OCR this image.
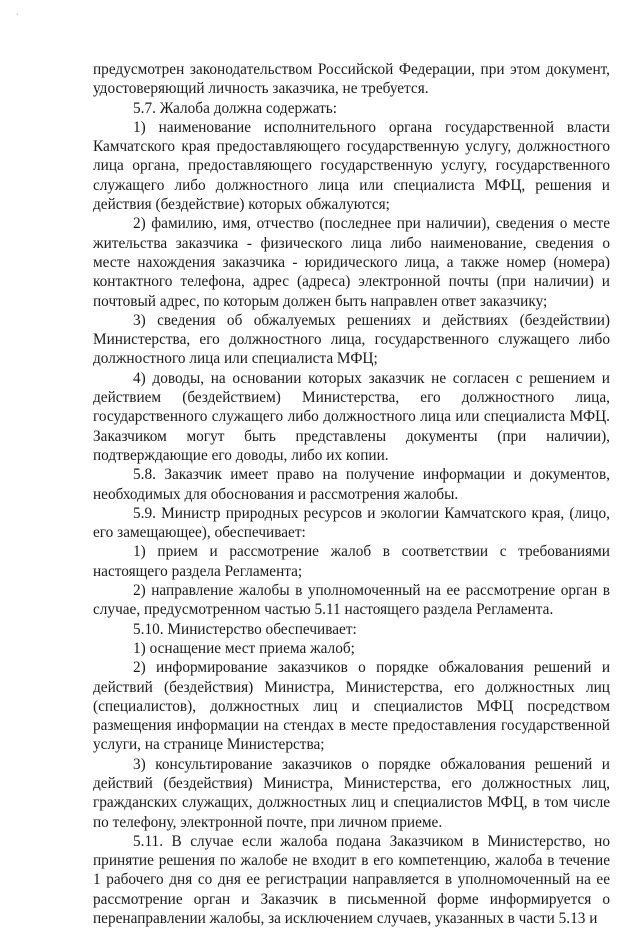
ʼ

предусмотрен законодательством Российской Федерации, при этом документ, удостоверяющий личность заказчика, не требуется.

5.7. Жалоба должна содержать:

1) наименование исполнительного органа государственной власти Камчатского края предоставляющего государственную услугу, должностного лица органа, предоставляющего государственную услугу, государственного служащего либо должностного лица или специалиста МФЦ, решения и действия (бездействие) которых обжалуются;

2) фамилию, имя, отчество (последнее при наличии), сведения о месте жительства заказчика - физического лица либо наименование, сведения о месте нахождения заказчика - юридического лица, а также номер (номера) контактного телефона, адрес (адреса) электронной почты (при наличии) и почтовый адрес, по которым должен быть направлен ответ заказчику;

3) сведения об обжалуемых решениях и действиях (бездействии) Министерства, его должностного лица, государственного служащего либо должностного лица или специалиста МФЦ;

4) доводы, на основании которых заказчик не согласен с решением и действием (бездействием) Министерства, его должностного лица, государственного служащего либо должностного лица или специалиста МФЦ. Заказчиком могут быть представлены документы (при наличии), подтверждающие его доводы, либо их копии.

5.8. Заказчик имеет право на получение информации и документов, необходимых для обоснования и рассмотрения жалобы.

5.9. Министр природных ресурсов и экологии Камчатского края, (лицо, его замещающее), обеспечивает:

1) прием и рассмотрение жалоб в соответствии с требованиями настоящего раздела Регламента;

2) направление жалобы в уполномоченный на ее рассмотрение орган в случае, предусмотренном частью 5.11 настоящего раздела Регламента.

5.10. Министерство обеспечивает:

1) оснащение мест приема жалоб;

2) информирование заказчиков о порядке обжалования решений и действий (бездействия) Министра, Министерства, его должностных лиц (специалистов), должностных лиц и специалистов МФЦ посредством размещения информации на стендах в месте предоставления государственной услуги, на странице Министерства;

3) консультирование заказчиков о порядке обжалования решений и действий (бездействия) Министра, Министерства, его должностных лиц, гражданских служащих, должностных лиц и специалистов МФЦ, в том числе по телефону, электронной почте, при личном приеме.

5.11. В случае если жалоба подана Заказчиком в Министерство, но принятие решения по жалобе не входит в его компетенцию, жалоба в течение 1 рабочего дня со дня ее регистрации направляется в уполномоченный на ее рассмотрение орган и Заказчик в письменной форме информируется о перенаправлении жалобы, за исключением случаев, указанных в части 5.13 и
